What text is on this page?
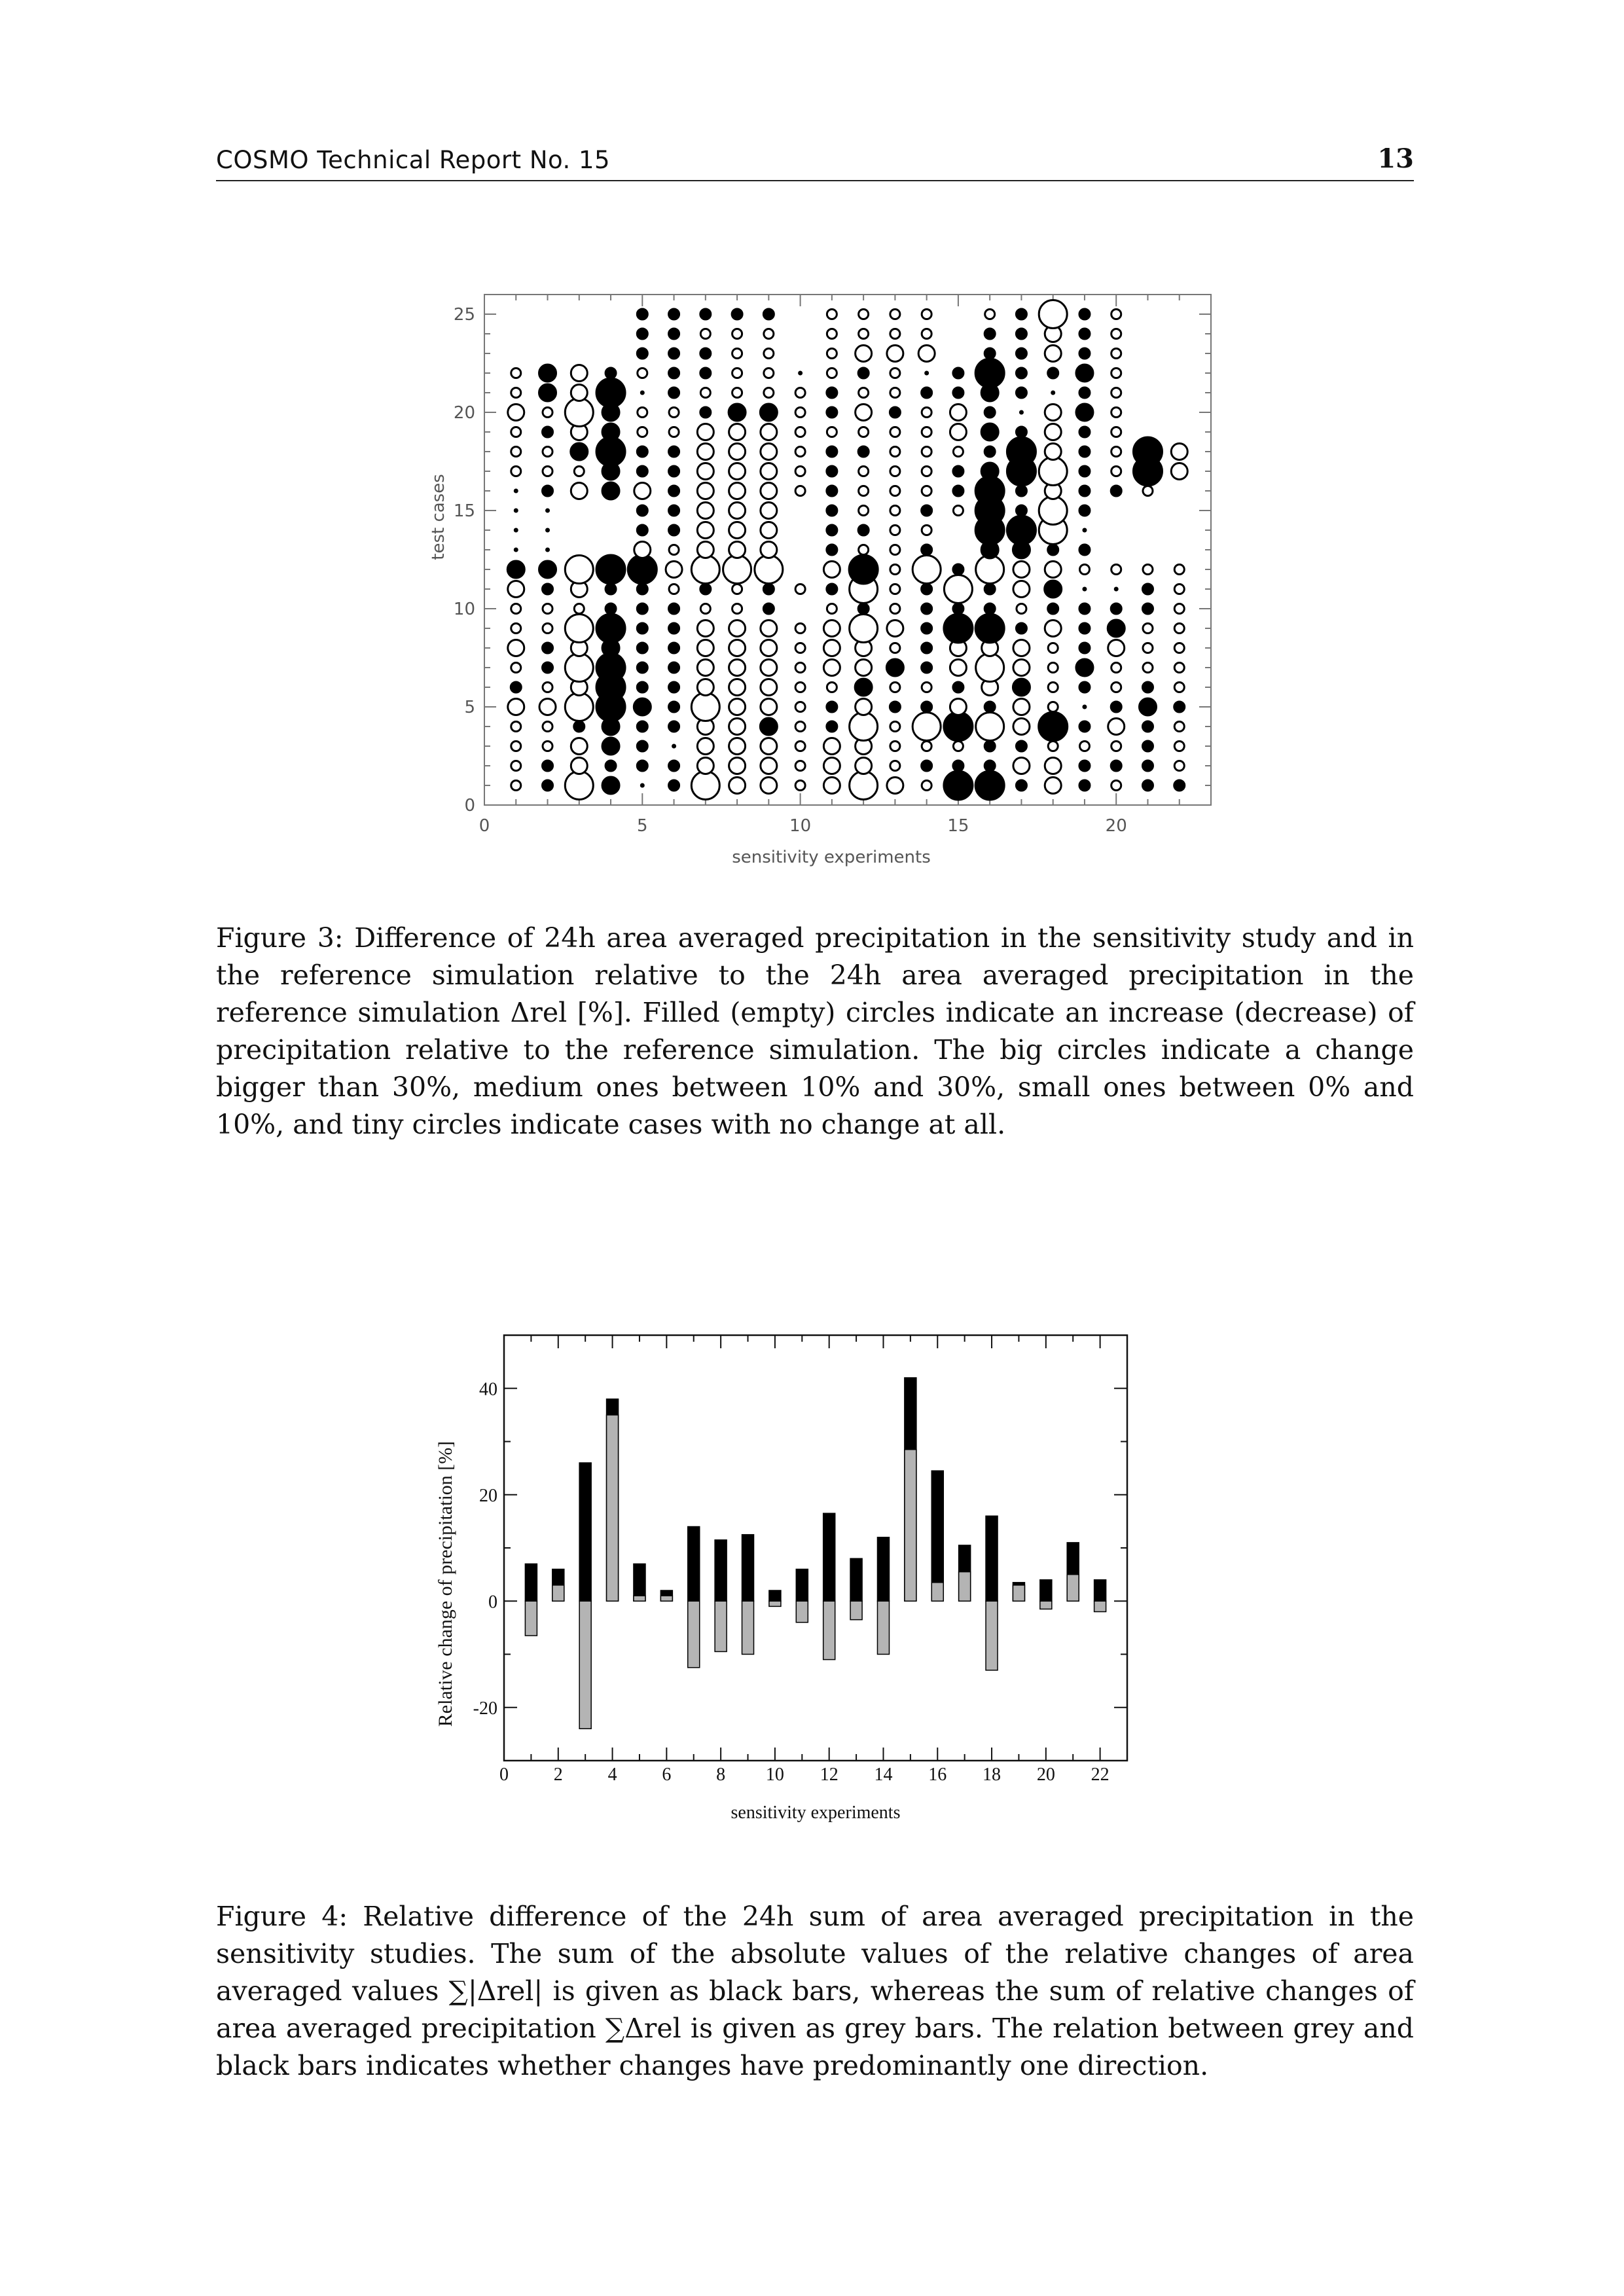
COSMO Technical Report No. 15	13
0	5	10	15	20
0
5
10
15
20
25
sensitivity experiments
test cases
Figure 3: Difference of 24h area averaged precipitation in the sensitivity study and in the reference simulation relative to the 24h area averaged precipitation in the reference simulation Δrel [%]. Filled (empty) circles indicate an increase (decrease) of precipitation relative to the reference simulation. The big circles indicate a change bigger than 30%, medium ones between 10% and 30%, small ones between 0% and 10%, and tiny circles indicate cases with no change at all.
0 2 4 6 8 10 12 14 16 18 20 22
-20
0
20
40
sensitivity experiments
Relative change of precipitation [%]
Figure 4: Relative difference of the 24h sum of area averaged precipitation in the sensitivity studies. The sum of the absolute values of the relative changes of area averaged values ∑|Δrel| is given as black bars, whereas the sum of relative changes of area averaged precipitation ∑Δrel is given as grey bars. The relation between grey and black bars indicates whether changes have predominantly one direction.
